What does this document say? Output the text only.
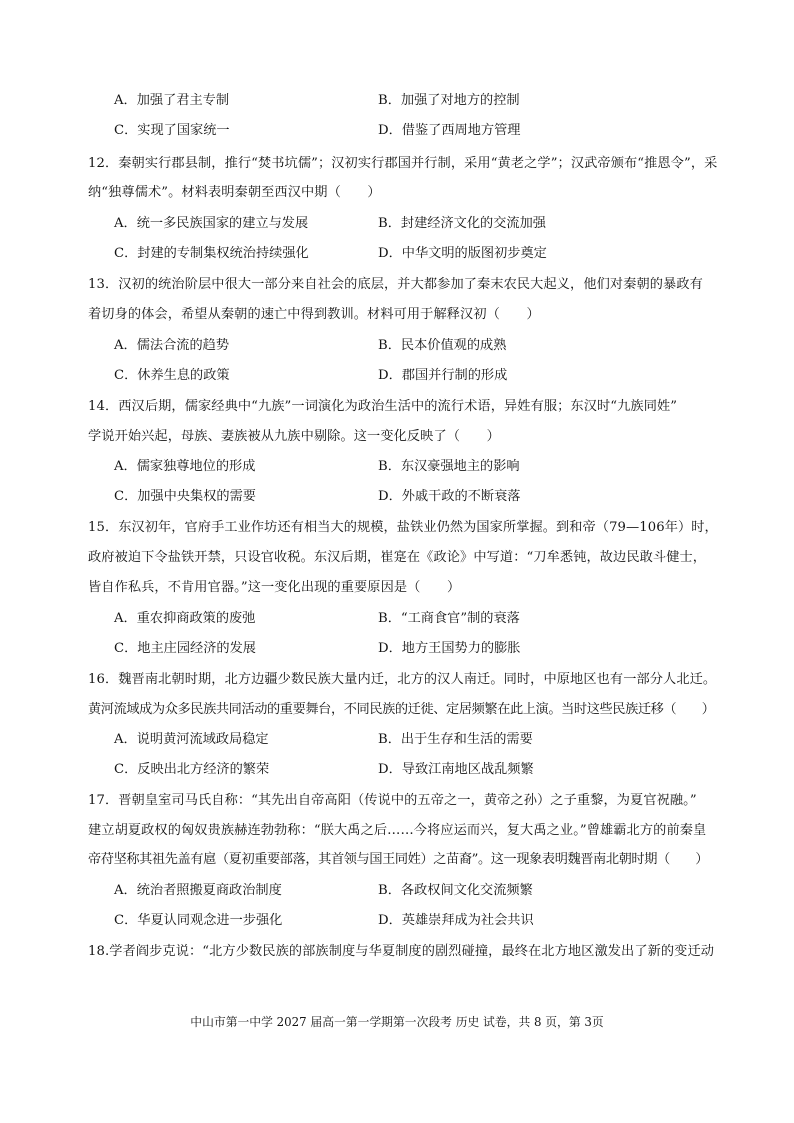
A．加强了君主专制	B．加强了对地方的控制
C．实现了国家统一	D．借鉴了西周地方管理
12．秦朝实行郡县制，推行“焚书坑儒”；汉初实行郡国并行制，采用“黄老之学”；汉武帝颁布“推恩令”，采
纳“独尊儒术”。材料表明秦朝至西汉中期（　　）
A．统一多民族国家的建立与发展	B．封建经济文化的交流加强
C．封建的专制集权统治持续强化	D．中华文明的版图初步奠定
13．汉初的统治阶层中很大一部分来自社会的底层，并大都参加了秦末农民大起义，他们对秦朝的暴政有
着切身的体会，希望从秦朝的速亡中得到教训。材料可用于解释汉初（　　）
A．儒法合流的趋势	B．民本价值观的成熟
C．休养生息的政策	D．郡国并行制的形成
14．西汉后期，儒家经典中“九族”一词演化为政治生活中的流行术语，异姓有服；东汉时“九族同姓”
学说开始兴起，母族、妻族被从九族中剔除。这一变化反映了（　　）
A．儒家独尊地位的形成	B．东汉豪强地主的影响
C．加强中央集权的需要	D．外戚干政的不断衰落
15．东汉初年，官府手工业作坊还有相当大的规模，盐铁业仍然为国家所掌握。到和帝（79—106年）时，
政府被迫下令盐铁开禁，只设官收税。东汉后期，崔寔在《政论》中写道：“刀牟悉钝，故边民敢斗健士，
皆自作私兵，不肯用官器。”这一变化出现的重要原因是（　　）
A．重农抑商政策的废弛	B．“工商食官”制的衰落
C．地主庄园经济的发展	D．地方王国势力的膨胀
16．魏晋南北朝时期，北方边疆少数民族大量内迁，北方的汉人南迁。同时，中原地区也有一部分人北迁。
黄河流域成为众多民族共同活动的重要舞台，不同民族的迁徙、定居频繁在此上演。当时这些民族迁移（　　）
A．说明黄河流域政局稳定	B．出于生存和生活的需要
C．反映出北方经济的繁荣	D．导致江南地区战乱频繁
17．晋朝皇室司马氏自称：“其先出自帝高阳（传说中的五帝之一，黄帝之孙）之子重黎，为夏官祝融。”
建立胡夏政权的匈奴贵族赫连勃勃称：“朕大禹之后……今将应运而兴，复大禹之业。”曾雄霸北方的前秦皇
帝苻坚称其祖先盖有扈（夏初重要部落，其首领与国王同姓）之苗裔”。这一现象表明魏晋南北朝时期（　　）
A．统治者照搬夏商政治制度	B．各政权间文化交流频繁
C．华夏认同观念进一步强化	D．英雄崇拜成为社会共识
18.学者阎步克说：“北方少数民族的部族制度与华夏制度的剧烈碰撞，最终在北方地区激发出了新的变迁动
中山市第一中学 2027 届高一第一学期第一次段考 历史 试卷，共 8 页，第 3页
